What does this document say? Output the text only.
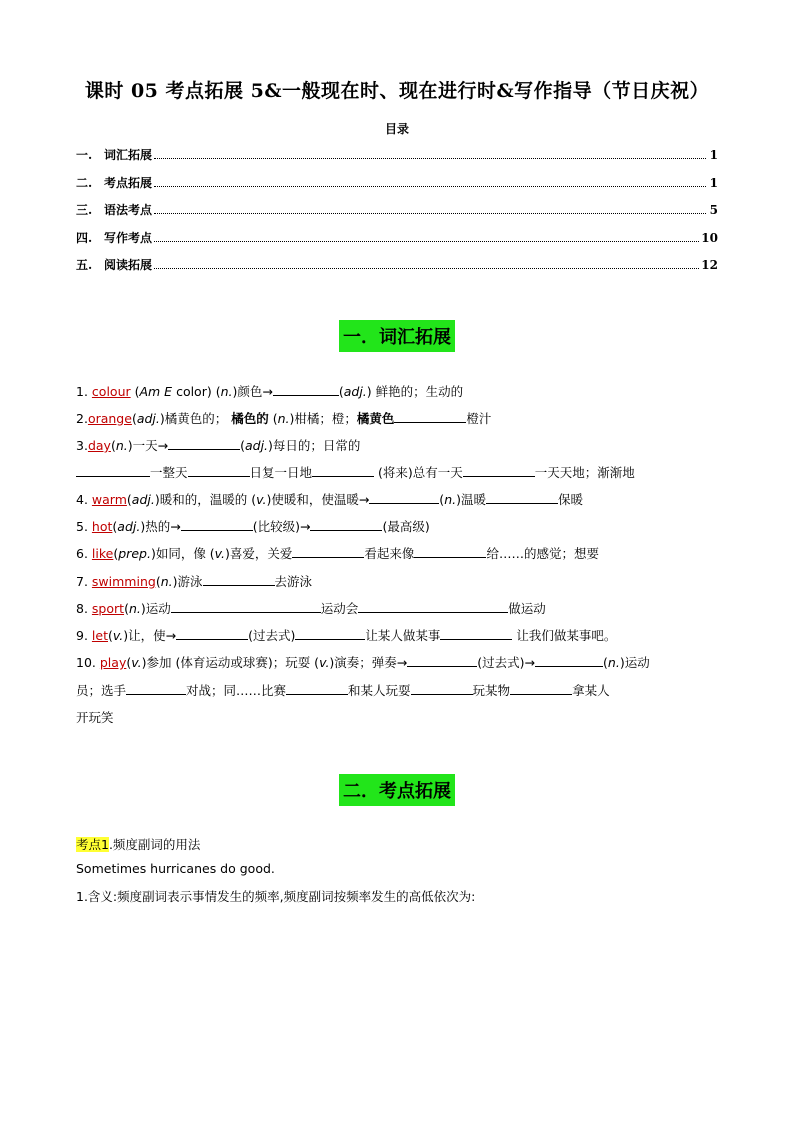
课时 05 考点拓展 5&一般现在时、现在进行时&写作指导（节日庆祝）
目录
一. 词汇拓展	1
二. 考点拓展	1
三. 语法考点	5
四. 写作考点	10
五. 阅读拓展	12
一．词汇拓展
1. colour (Am E color) (n.)颜色→	(adj.) 鲜艳的；生动的
2.orange(adj.)橘黄色的； 橘色的 (n.)柑橘；橙；橘黄色	橙汁
3.day(n.)一天→	(adj.)每日的；日常的
一整天	日复一日地	(将来)总有一天	一天天地；渐渐地
4. warm(adj.)暖和的，温暖的 (v.)使暖和，使温暖→	(n.)温暖	保暖
5. hot(adj.)热的→	(比较级)→	(最高级)
6. like(prep.)如同，像 (v.)喜爱，关爱	看起来像	给……的感觉；想要
7. swimming(n.)游泳	去游泳
8. sport(n.)运动	运动会	做运动
9. let(v.)让，使→	(过去式)	让某人做某事	让我们做某事吧。
10. play(v.)参加 (体育运动或球赛)；玩耍 (v.)演奏；弹奏→	(过去式)→	(n.)运动
员；选手	对战；同……比赛	和某人玩耍	玩某物	拿某人
开玩笑
二．考点拓展
考点1.频度副词的用法
Sometimes hurricanes do good.
1.含义:频度副词表示事情发生的频率,频度副词按频率发生的高低依次为:
